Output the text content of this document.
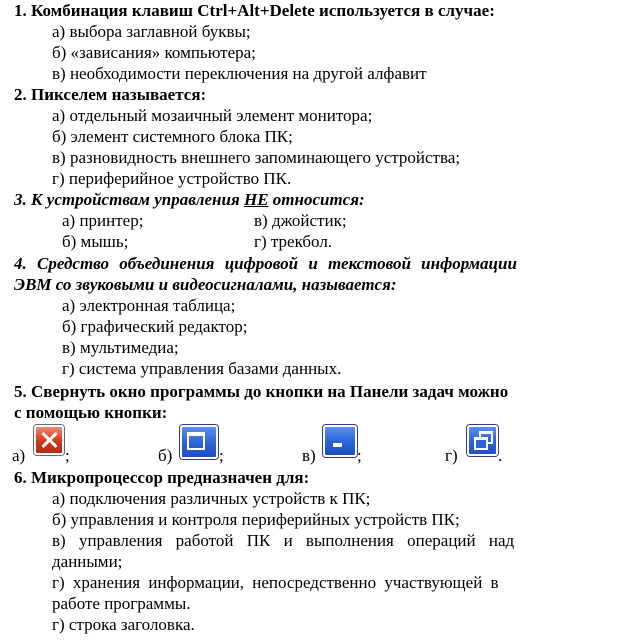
1. Комбинация клавиш Ctrl+Alt+Delete используется в случае:
а) выбора заглавной буквы;
б) «зависания» компьютера;
в) необходимости переключения на другой алфавит
2. Пикселем называется:
а) отдельный мозаичный элемент монитора;
б) элемент системного блока ПК;
в) разновидность внешнего запоминающего устройства;
г) периферийное устройство ПК.
3. К устройствам управления НЕ относится:
а) принтер;	в) джойстик;
б) мышь;	г) трекбол.
4. Средство объединения цифровой и текстовой информации
ЭВМ со звуковыми и видеосигналами, называется:
а) электронная таблица;
б) графический редактор;
в) мультимедиа;
г) система управления базами данных.
5. Свернуть окно программы до кнопки на Панели задач можно
с помощью кнопки:
а) ;	б)	;	в) ;	г) .
6. Микропроцессор предназначен для:
а) подключения различных устройств к ПК;
б) управления и контроля периферийных устройств ПК;
в) управления работой ПК и выполнения операций над
данными;
г) хранения информации, непосредственно участвующей в
работе программы.
г) строка заголовка.
